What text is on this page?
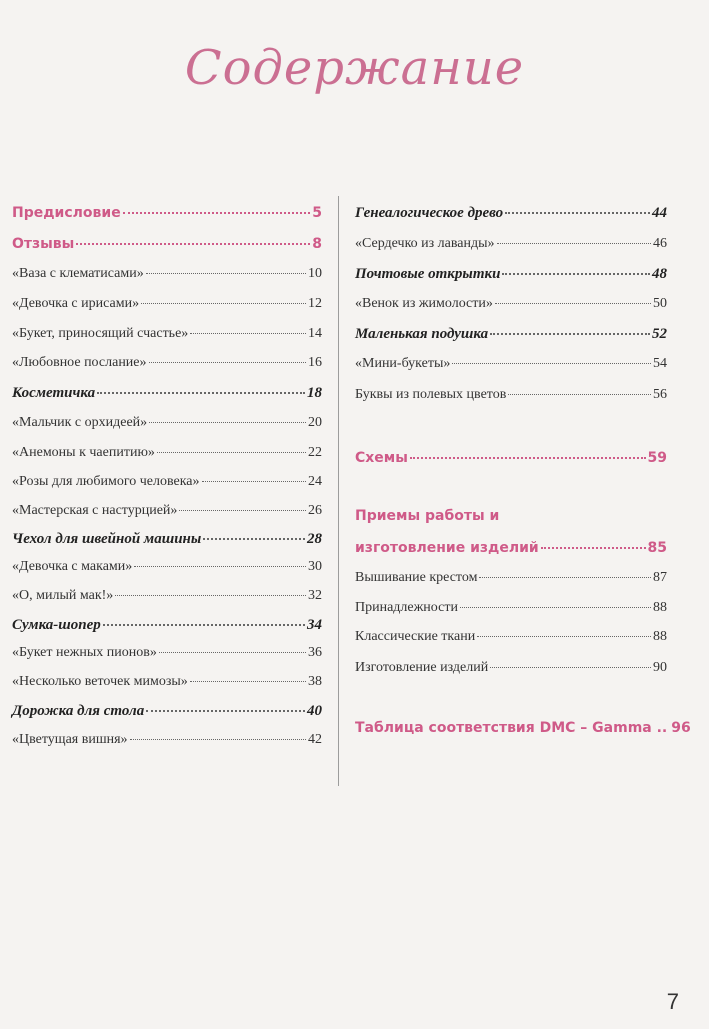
Содержание
Предисловие	5
Отзывы	8
«Ваза с клематисами»	10
«Девочка с ирисами»	12
«Букет, приносящий счастье»	14
«Любовное послание»	16
Косметичка	18
«Мальчик с орхидеей»	20
«Анемоны к чаепитию»	22
«Розы для любимого человека»	24
«Мастерская с настурцией»	26
Чехол для швейной машины	28
«Девочка с маками»	30
«О, милый мак!»	32
Сумка-шопер	34
«Букет нежных пионов»	36
«Несколько веточек мимозы»	38
Дорожка для стола	40
«Цветущая вишня»	42
Генеалогическое древо	44
«Сердечко из лаванды»	46
Почтовые открытки	48
«Венок из жимолости»	50
Маленькая подушка	52
«Мини-букеты»	54
Буквы из полевых цветов	56
Схемы	59
Приемы работы и
изготовление изделий	85
Вышивание крестом	87
Принадлежности	88
Классические ткани	88
Изготовление изделий	90
Таблица соответствия DMC – Gamma .. 96
7
